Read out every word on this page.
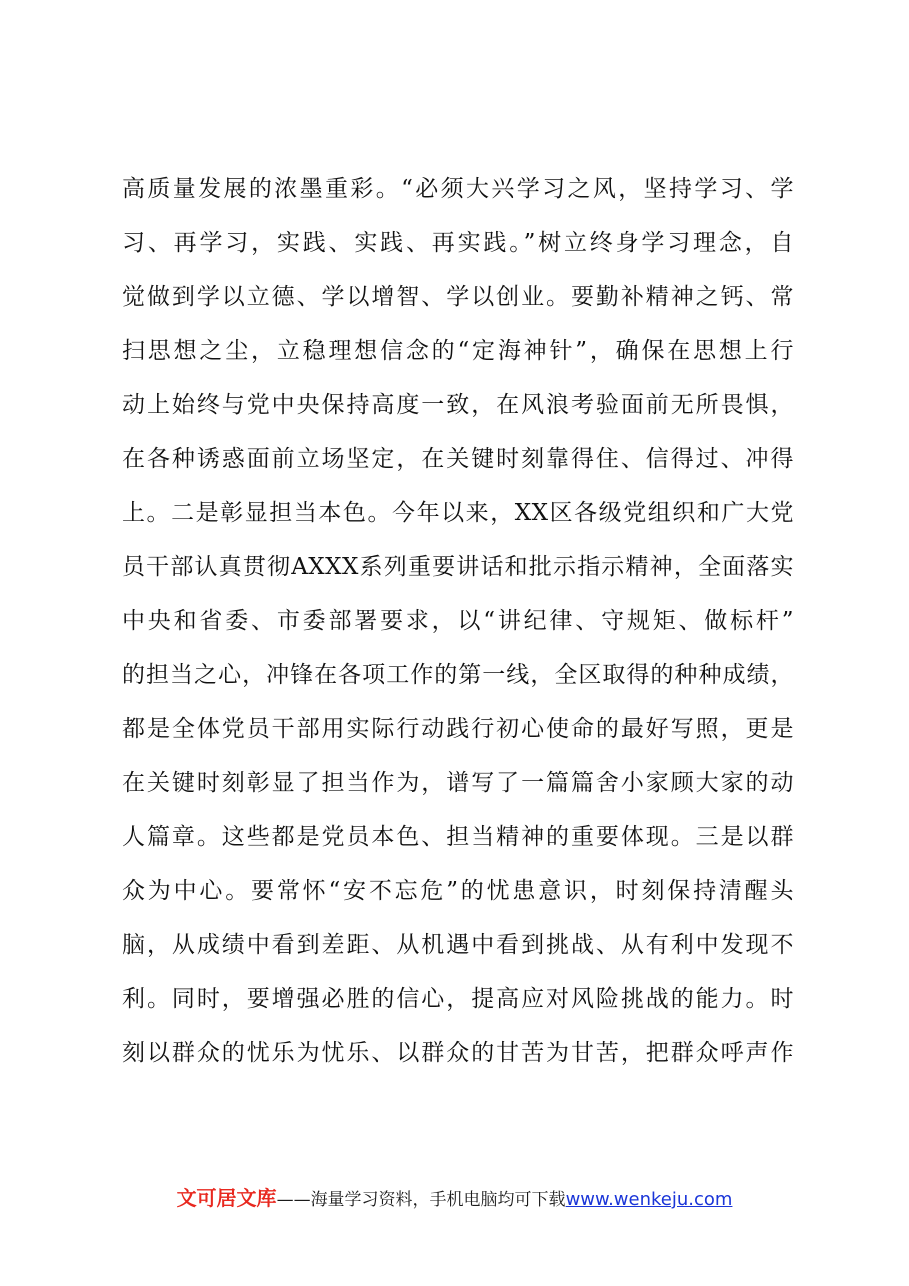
高质量发展的浓墨重彩。“必须大兴学习之风，坚持学习、学
习、再学习，实践、实践、再实践。”树立终身学习理念，自
觉做到学以立德、学以增智、学以创业。要勤补精神之钙、常
扫思想之尘，立稳理想信念的“定海神针”，确保在思想上行
动上始终与党中央保持高度一致，在风浪考验面前无所畏惧，
在各种诱惑面前立场坚定，在关键时刻靠得住、信得过、冲得
上。二是彰显担当本色。今年以来，XX区各级党组织和广大党
员干部认真贯彻AXXX系列重要讲话和批示指示精神，全面落实
中央和省委、市委部署要求，以“讲纪律、守规矩、做标杆”
的担当之心，冲锋在各项工作的第一线，全区取得的种种成绩，
都是全体党员干部用实际行动践行初心使命的最好写照，更是
在关键时刻彰显了担当作为，谱写了一篇篇舍小家顾大家的动
人篇章。这些都是党员本色、担当精神的重要体现。三是以群
众为中心。要常怀“安不忘危”的忧患意识，时刻保持清醒头
脑，从成绩中看到差距、从机遇中看到挑战、从有利中发现不
利。同时，要增强必胜的信心，提高应对风险挑战的能力。时
刻以群众的忧乐为忧乐、以群众的甘苦为甘苦，把群众呼声作
文可居文库——海量学习资料，手机电脑均可下载www.wenkeju.com
